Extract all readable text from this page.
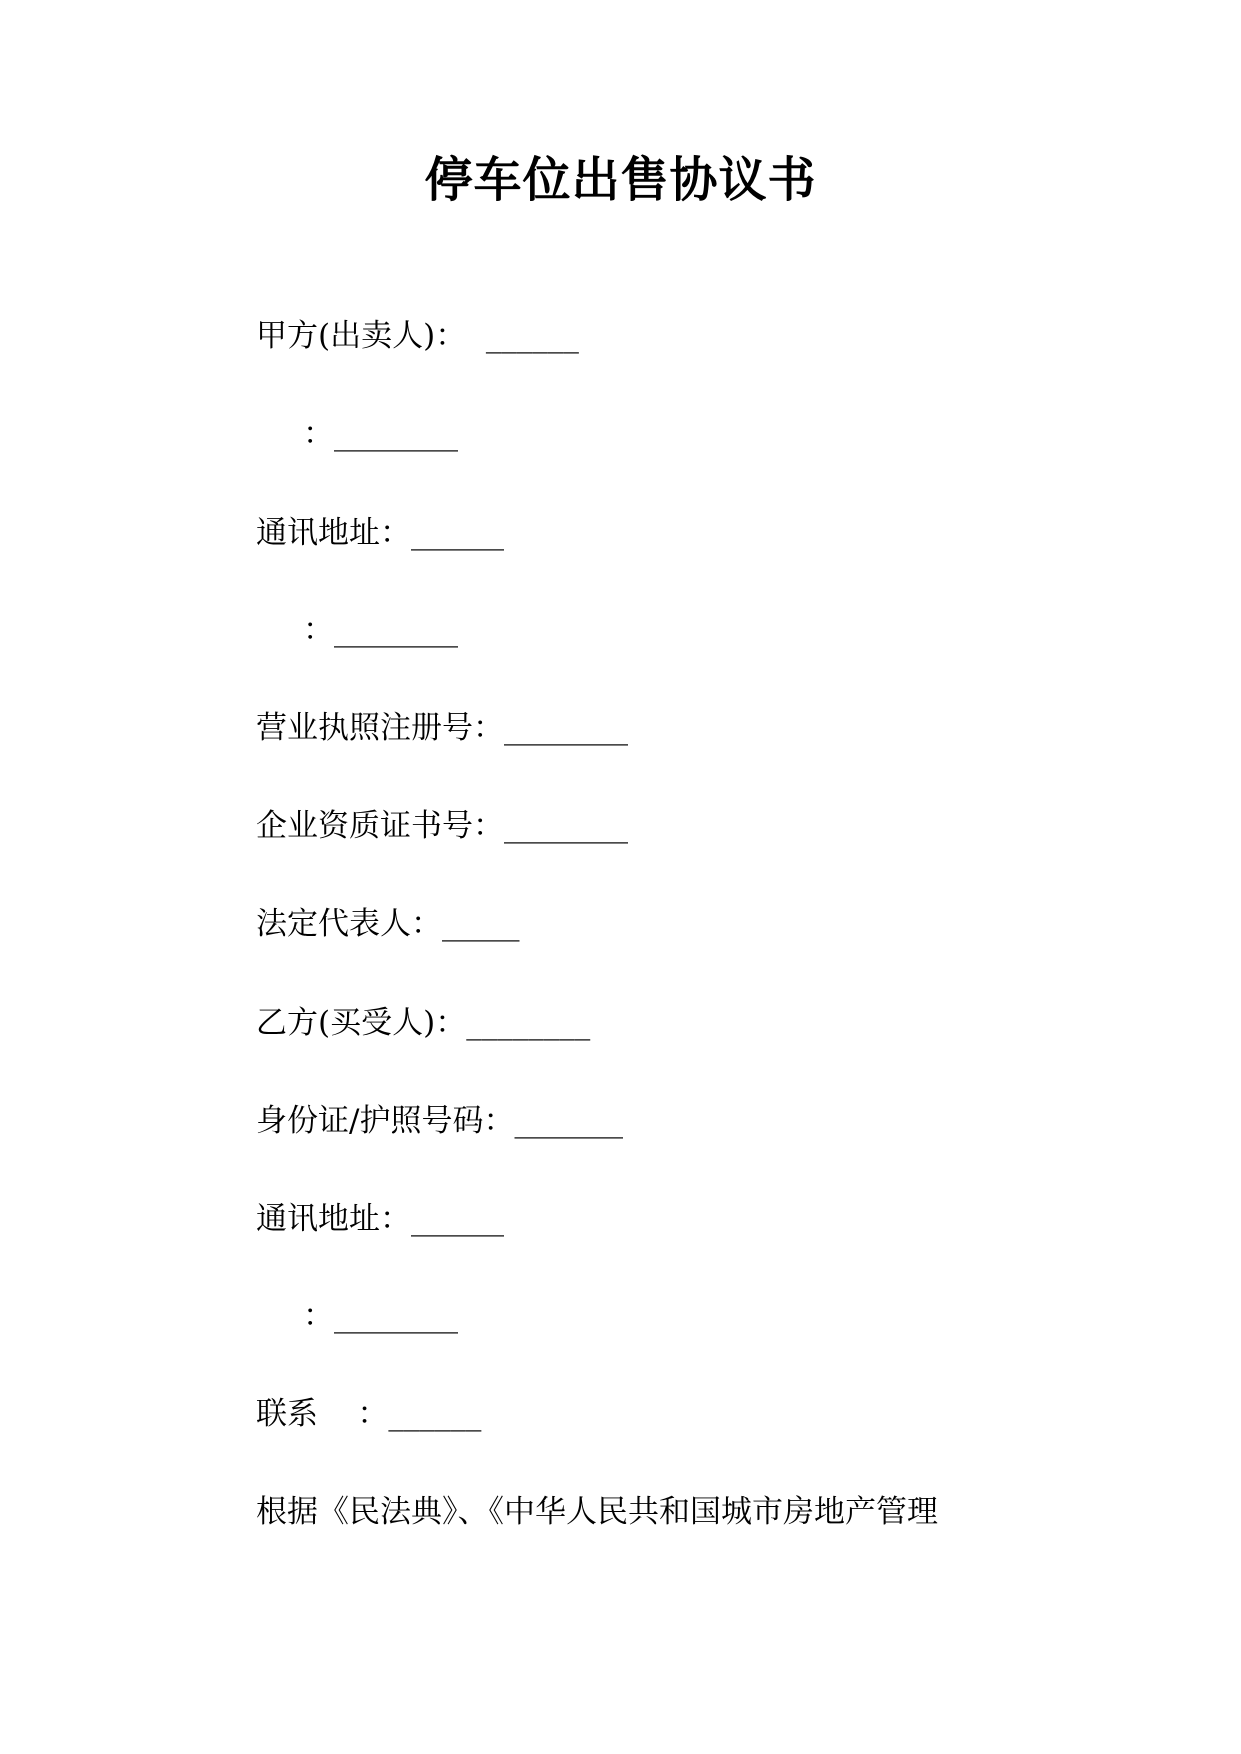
停车位出售协议书
甲方(出卖人)：  ______
：________
通讯地址：______
：________
营业执照注册号：________
企业资质证书号：________
法定代表人：_____
乙方(买受人)：________
身份证/护照号码：_______
通讯地址：______
：________
联系    ：______
根据《民法典》、《中华人民共和国城市房地产管理
